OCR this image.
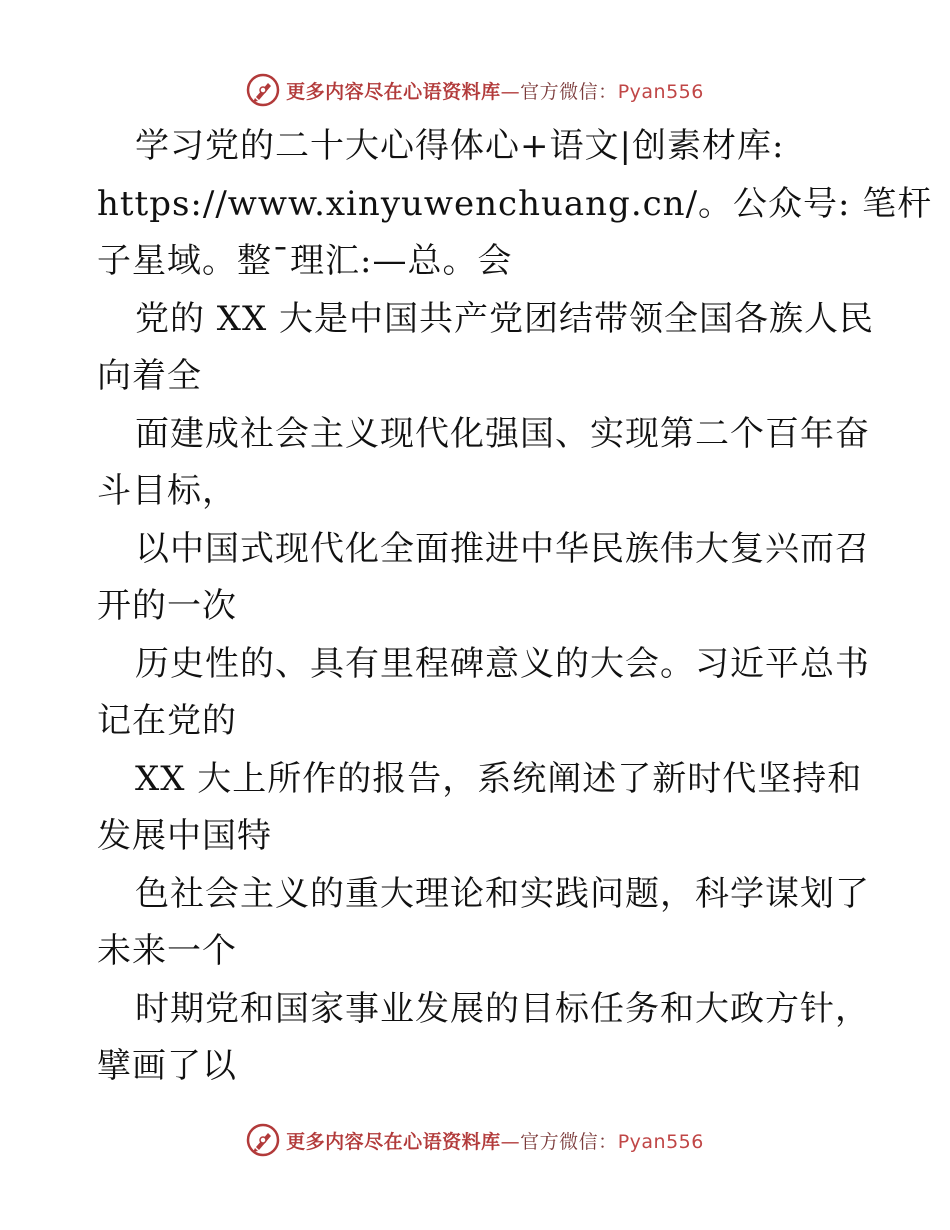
更多内容尽在心语资料库—官方微信：Pyan556
学习党的二十大心得体心+语文|创素材库:
https://www.xinyuwenchuang.cn/。公众号: 笔杆
子星域。整¯理汇:—总。会
党的 XX 大是中国共产党团结带领全国各族人民
向着全
面建成社会主义现代化强国、实现第二个百年奋
斗目标，
以中国式现代化全面推进中华民族伟大复兴而召
开的一次
历史性的、具有里程碑意义的大会。习近平总书
记在党的
XX 大上所作的报告，系统阐述了新时代坚持和
发展中国特
色社会主义的重大理论和实践问题，科学谋划了
未来一个
时期党和国家事业发展的目标任务和大政方针，
擘画了以
更多内容尽在心语资料库—官方微信：Pyan556
